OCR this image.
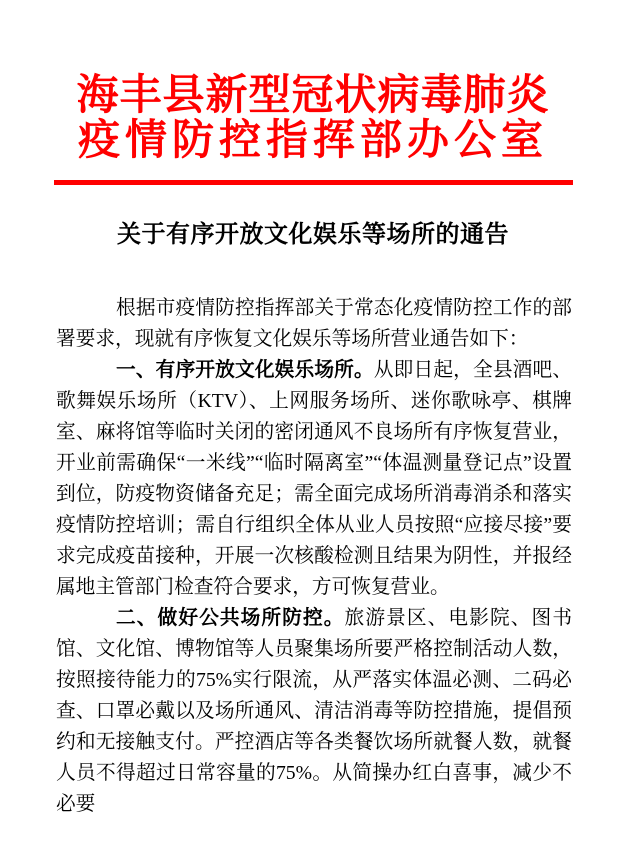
海丰县新型冠状病毒肺炎
疫情防控指挥部办公室
关于有序开放文化娱乐等场所的通告

根据市疫情防控指挥部关于常态化疫情防控工作的部署要求，现就有序恢复文化娱乐等场所营业通告如下：

一、有序开放文化娱乐场所。从即日起，全县酒吧、歌舞娱乐场所（KTV）、上网服务场所、迷你歌咏亭、棋牌室、麻将馆等临时关闭的密闭通风不良场所有序恢复营业，开业前需确保“一米线”“临时隔离室”“体温测量登记点”设置到位，防疫物资储备充足；需全面完成场所消毒消杀和落实疫情防控培训；需自行组织全体从业人员按照“应接尽接”要求完成疫苗接种，开展一次核酸检测且结果为阴性，并报经属地主管部门检查符合要求，方可恢复营业。

二、做好公共场所防控。旅游景区、电影院、图书馆、文化馆、博物馆等人员聚集场所要严格控制活动人数，按照接待能力的75%实行限流，从严落实体温必测、二码必查、口罩必戴以及场所通风、清洁消毒等防控措施，提倡预约和无接触支付。严控酒店等各类餐饮场所就餐人数，就餐人员不得超过日常容量的75%。从简操办红白喜事，减少不必要
